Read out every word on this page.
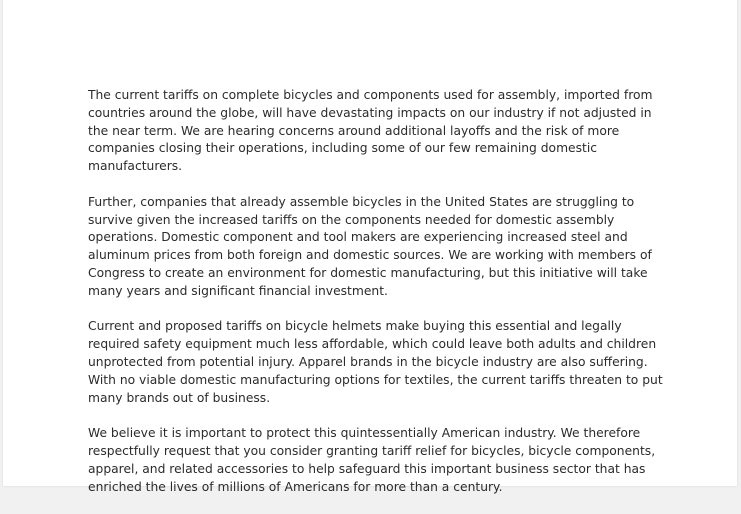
The current tariffs on complete bicycles and components used for assembly, imported from countries around the globe, will have devastating impacts on our industry if not adjusted in the near term. We are hearing concerns around additional layoffs and the risk of more companies closing their operations, including some of our few remaining domestic manufacturers.

Further, companies that already assemble bicycles in the United States are struggling to survive given the increased tariffs on the components needed for domestic assembly operations. Domestic component and tool makers are experiencing increased steel and aluminum prices from both foreign and domestic sources. We are working with members of Congress to create an environment for domestic manufacturing, but this initiative will take many years and significant financial investment.

Current and proposed tariffs on bicycle helmets make buying this essential and legally required safety equipment much less affordable, which could leave both adults and children unprotected from potential injury. Apparel brands in the bicycle industry are also suffering. With no viable domestic manufacturing options for textiles, the current tariffs threaten to put many brands out of business.

We believe it is important to protect this quintessentially American industry. We therefore respectfully request that you consider granting tariff relief for bicycles, bicycle components, apparel, and related accessories to help safeguard this important business sector that has enriched the lives of millions of Americans for more than a century.
